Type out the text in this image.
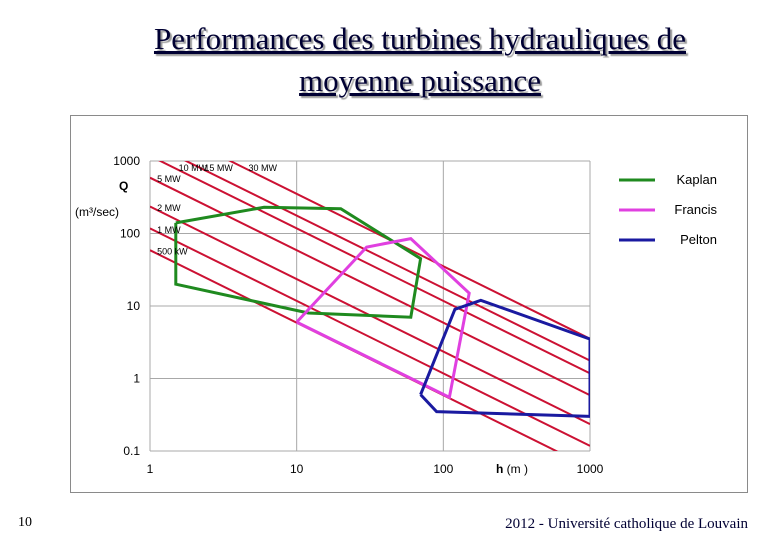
Performances des turbines hydrauliques de
moyenne puissance
1	10	100	1000
0.1
1
10
100
1000
500 kW
1 MW
2 MW
5 MW
10 MW
15 MW 30 MW
h (m )
Q
(m³/sec)
Kaplan
Francis
Pelton
10	2012 - Université catholique de Louvain
